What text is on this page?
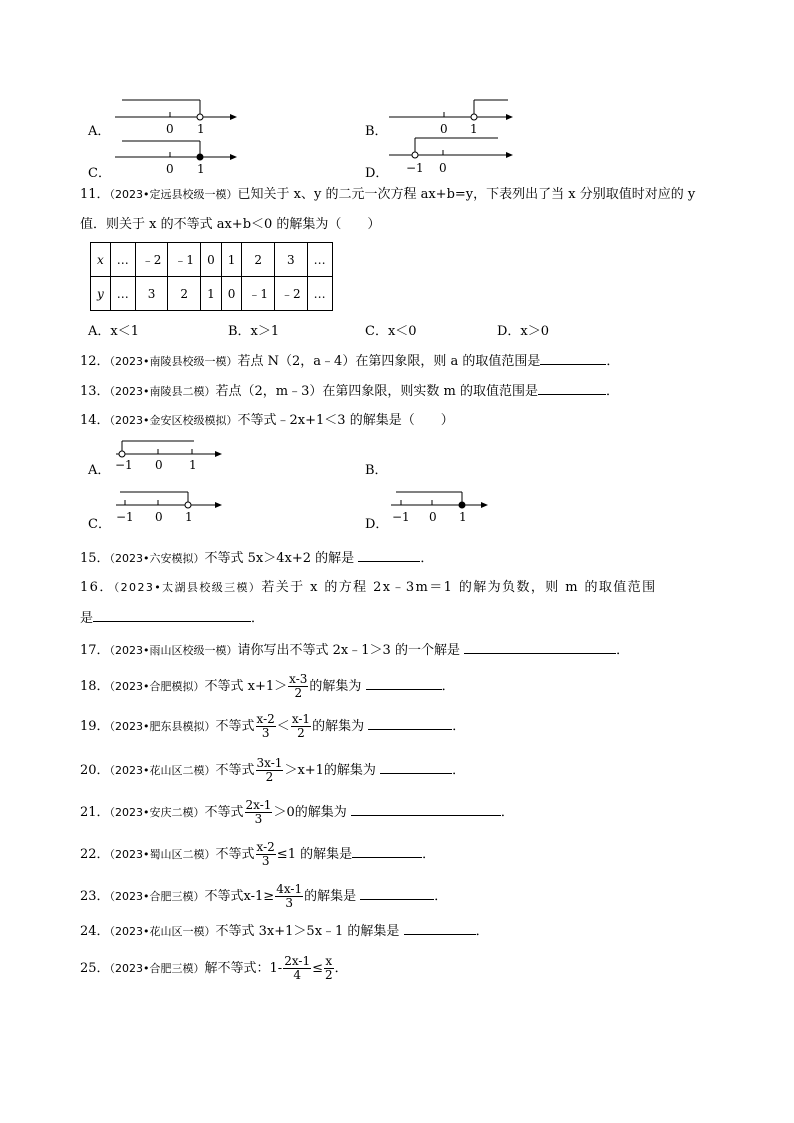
A．	0 1	B．	0 1
C．	0 1	D． −1 0
11．（2023•定远县校级一模）已知关于 x、y 的二元一次方程 ax+b=y，下表列出了当 x 分别取值时对应的 y
值．则关于 x 的不等式 ax+b＜0 的解集为（　　）
x	…	﹣2	﹣1	0	1	2	3	…
y	…	3	2	1	0	﹣1	﹣2	…
A．x＜1	B．x＞1	C．x＜0	D．x＞0
12．（2023•南陵县校级一模）若点 N（2，a﹣4）在第四象限，则 a 的取值范围是	．
13．（2023•南陵县二模）若点（2，m﹣3）在第四象限，则实数 m 的取值范围是	．
14．（2023•金安区校级模拟）不等式﹣2x+1＜3 的解集是（　　）
A． −1 0 1	B．
C． −1 0 1	D． −1 0 1
15．（2023•六安模拟）不等式 5x＞4x+2 的解是	．
16．（2023•太湖县校级三模）若关于 x 的方程 2x﹣3m＝1 的解为负数，则 m 的取值范围
是	．
17．（2023•雨山区校级一模）请你写出不等式 2x﹣1＞3 的一个解是	．
18．（2023•合肥模拟）不等式 $x+1> \frac{x-3}{2}$ 的解集为	．
19．（2023•肥东县模拟）不等式 $\frac{x-2}{3} < \frac{x-1}{2}$ 的解集为	．
20．（2023•花山区二模）不等式 $\frac{3x-1}{2} >x+1$的解集为	．
21．（2023•安庆二模）不等式 $\frac{2x-1}{3} >0$的解集为	．
22．（2023•蜀山区二模）不等式 $\frac{x-2}{3} \le 1$ 的解集是	．
23．（2023•合肥三模）不等式$x-1\ge \frac{4x-1}{3}$ 的解集是	．
24．（2023•花山区一模）不等式 3x+1＞5x﹣1 的解集是	．
25．（2023•合肥三模）解不等式：$1- \frac{2x-1}{4} \le \frac{x}{2}$ ．
